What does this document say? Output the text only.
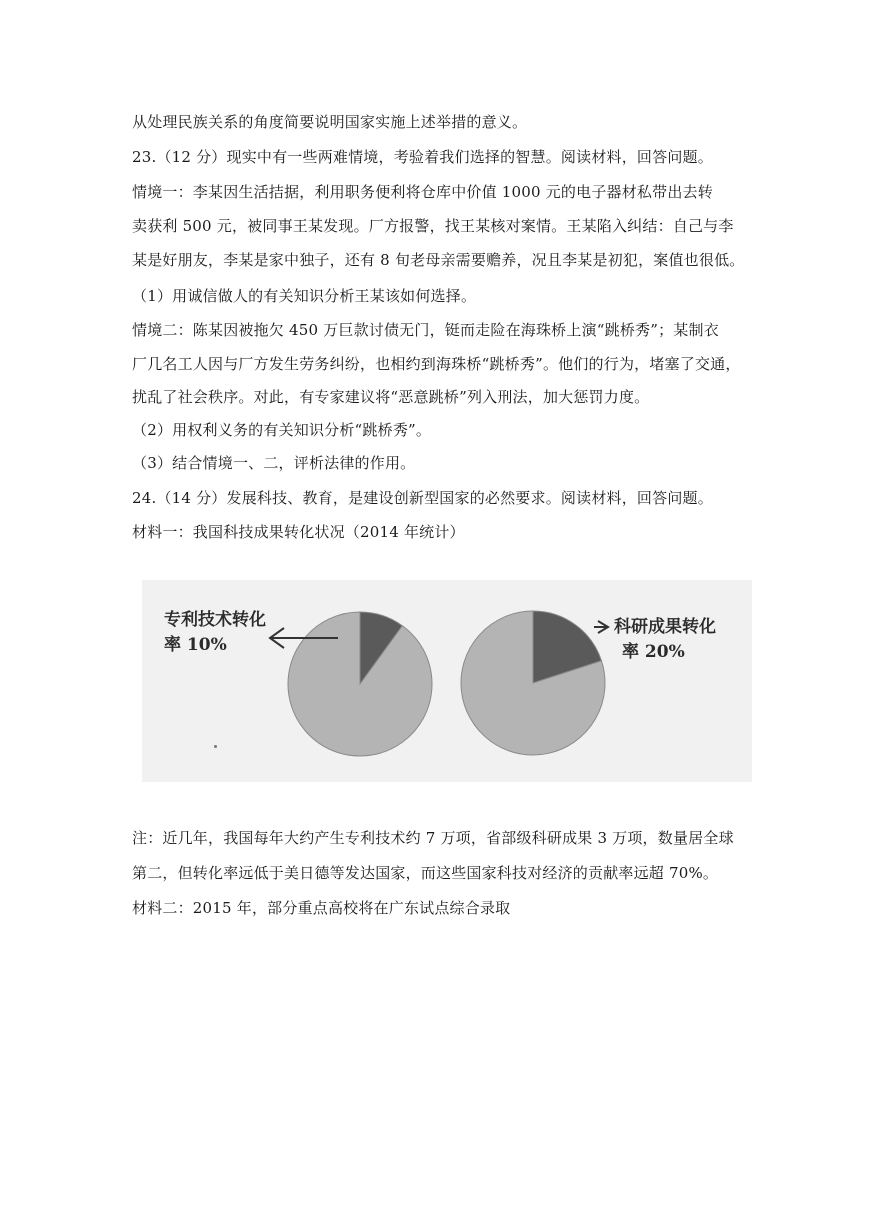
从处理民族关系的角度简要说明国家实施上述举措的意义。
23.（12 分）现实中有一些两难情境，考验着我们选择的智慧。阅读材料，回答问题。
情境一：李某因生活拮据，利用职务便利将仓库中价值 1000 元的电子器材私带出去转
卖获利 500 元，被同事王某发现。厂方报警，找王某核对案情。王某陷入纠结：自己与李
某是好朋友，李某是家中独子，还有 8 旬老母亲需要赡养，况且李某是初犯，案值也很低。
（1）用诚信做人的有关知识分析王某该如何选择。
情境二：陈某因被拖欠 450 万巨款讨债无门，铤而走险在海珠桥上演“跳桥秀”；某制衣
厂几名工人因与厂方发生劳务纠纷，也相约到海珠桥“跳桥秀”。他们的行为，堵塞了交通，
扰乱了社会秩序。对此，有专家建议将“恶意跳桥”列入刑法，加大惩罚力度。
（2）用权利义务的有关知识分析“跳桥秀”。
（3）结合情境一、二，评析法律的作用。
24.（14 分）发展科技、教育，是建设创新型国家的必然要求。阅读材料，回答问题。
材料一：我国科技成果转化状况（2014 年统计）
专利技术转化
率 10%
科研成果转化
率 20%
注：近几年，我国每年大约产生专利技术约 7 万项，省部级科研成果 3 万项，数量居全球
第二，但转化率远低于美日德等发达国家，而这些国家科技对经济的贡献率远超 70%。
材料二：2015 年，部分重点高校将在广东试点综合录取
